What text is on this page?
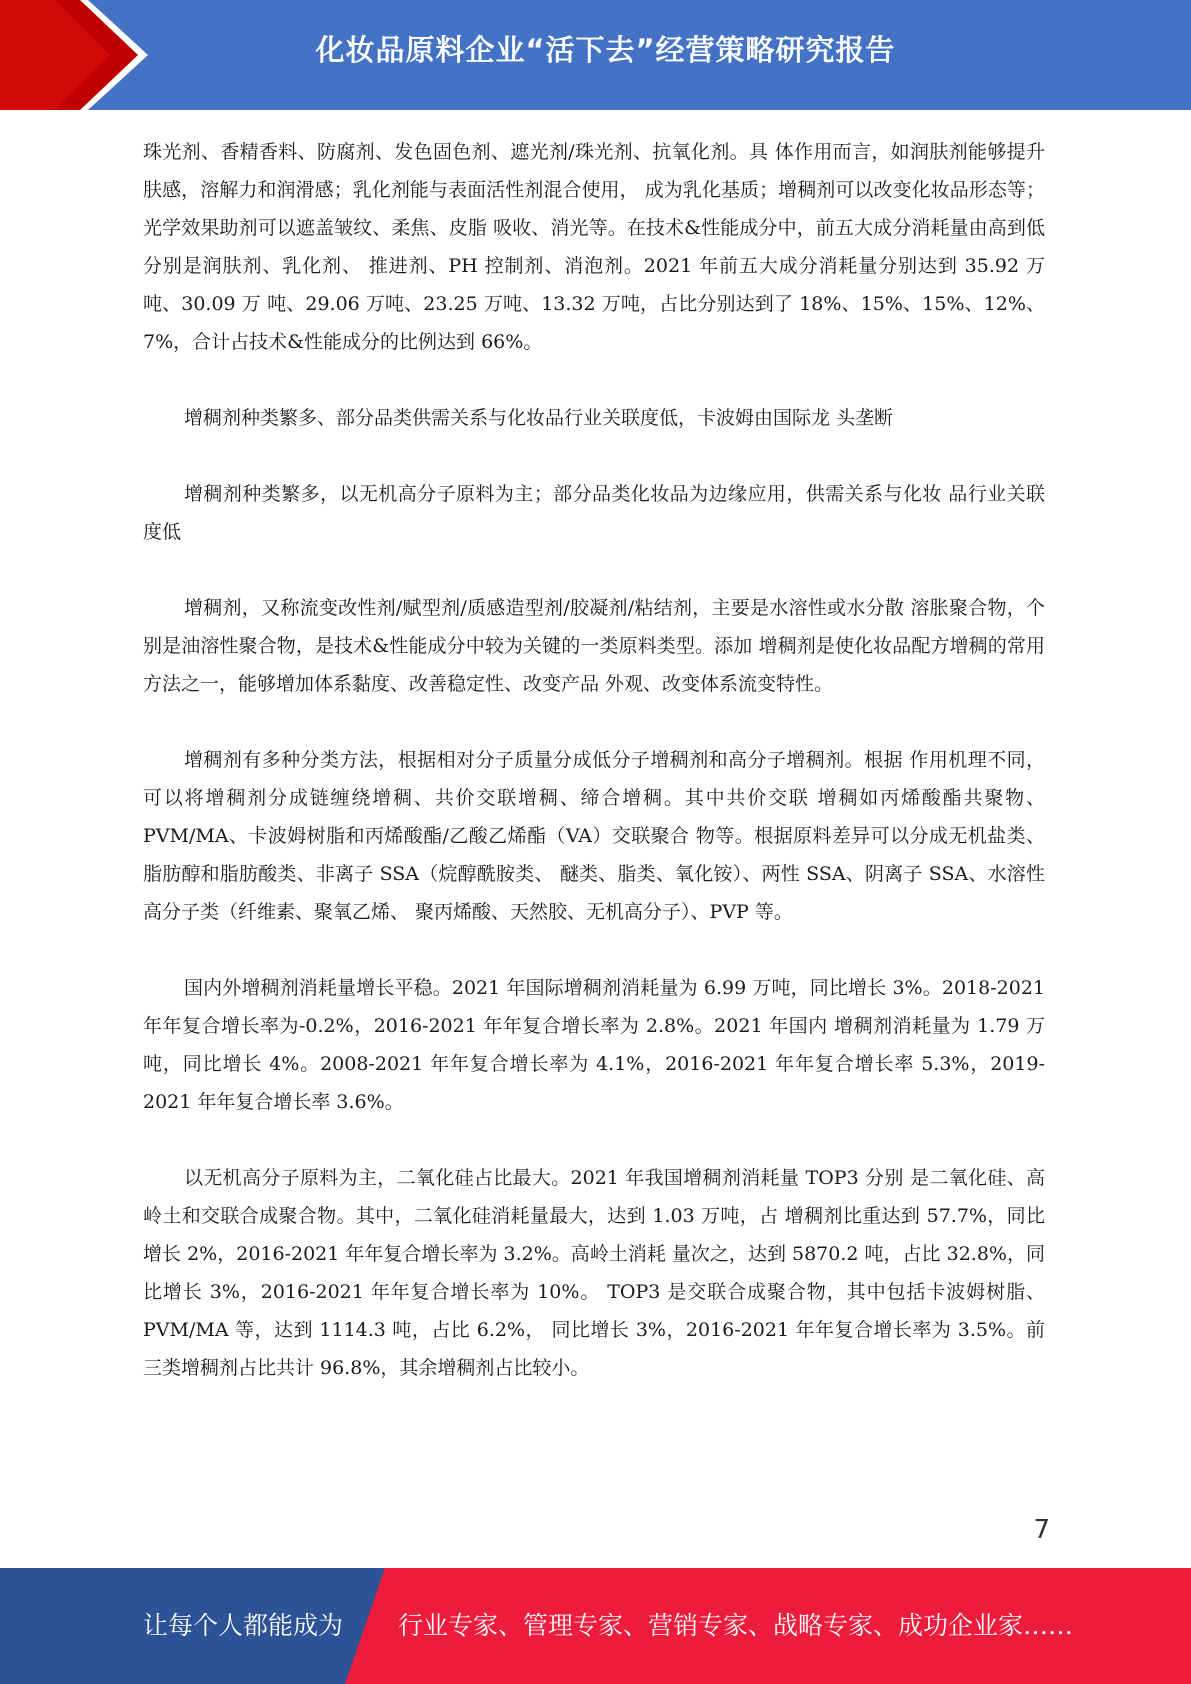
化妆品原料企业“活下去”经营策略研究报告

珠光剂、香精香料、防腐剂、发色固色剂、遮光剂/珠光剂、抗氧化剂。具 体作用而言，如润肤剂能够提升肤感，溶解力和润滑感；乳化剂能与表面活性剂混合使用， 成为乳化基质；增稠剂可以改变化妆品形态等；光学效果助剂可以遮盖皱纹、柔焦、皮脂 吸收、消光等。在技术&性能成分中，前五大成分消耗量由高到低分别是润肤剂、乳化剂、 推进剂、PH 控制剂、消泡剂。2021 年前五大成分消耗量分别达到 35.92 万吨、30.09 万 吨、29.06 万吨、23.25 万吨、13.32 万吨，占比分别达到了 18%、15%、15%、12%、 7%，合计占技术&性能成分的比例达到 66%。

增稠剂种类繁多、部分品类供需关系与化妆品行业关联度低，卡波姆由国际龙 头垄断

增稠剂种类繁多，以无机高分子原料为主；部分品类化妆品为边缘应用，供需关系与化妆 品行业关联度低

增稠剂，又称流变改性剂/赋型剂/质感造型剂/胶凝剂/粘结剂，主要是水溶性或水分散 溶胀聚合物，个别是油溶性聚合物，是技术&性能成分中较为关键的一类原料类型。添加 增稠剂是使化妆品配方增稠的常用方法之一，能够增加体系黏度、改善稳定性、改变产品 外观、改变体系流变特性。

增稠剂有多种分类方法，根据相对分子质量分成低分子增稠剂和高分子增稠剂。根据 作用机理不同，可以将增稠剂分成链缠绕增稠、共价交联增稠、缔合增稠。其中共价交联 增稠如丙烯酸酯共聚物、PVM/MA、卡波姆树脂和丙烯酸酯/乙酸乙烯酯（VA）交联聚合 物等。根据原料差异可以分成无机盐类、脂肪醇和脂肪酸类、非离子 SSA（烷醇酰胺类、 醚类、脂类、氧化铵）、两性 SSA、阴离子 SSA、水溶性高分子类（纤维素、聚氧乙烯、 聚丙烯酸、天然胶、无机高分子）、PVP 等。

国内外增稠剂消耗量增长平稳。2021 年国际增稠剂消耗量为 6.99 万吨，同比增长 3%。2018-2021 年年复合增长率为-0.2%，2016-2021 年年复合增长率为 2.8%。2021 年国内 增稠剂消耗量为 1.79 万吨，同比增长 4%。2008-2021 年年复合增长率为 4.1%，2016-2021 年年复合增长率 5.3%，2019-2021 年年复合增长率 3.6%。

以无机高分子原料为主，二氧化硅占比最大。2021 年我国增稠剂消耗量 TOP3 分别 是二氧化硅、高岭土和交联合成聚合物。其中，二氧化硅消耗量最大，达到 1.03 万吨，占 增稠剂比重达到 57.7%，同比增长 2%，2016-2021 年年复合增长率为 3.2%。高岭土消耗 量次之，达到 5870.2 吨，占比 32.8%，同比增长 3%，2016-2021 年年复合增长率为 10%。 TOP3 是交联合成聚合物，其中包括卡波姆树脂、PVM/MA 等，达到 1114.3 吨，占比 6.2%， 同比增长 3%，2016-2021 年年复合增长率为 3.5%。前三类增稠剂占比共计 96.8%，其余增稠剂占比较小。

7
让每个人都能成为 行业专家、管理专家、营销专家、战略专家、成功企业家……
